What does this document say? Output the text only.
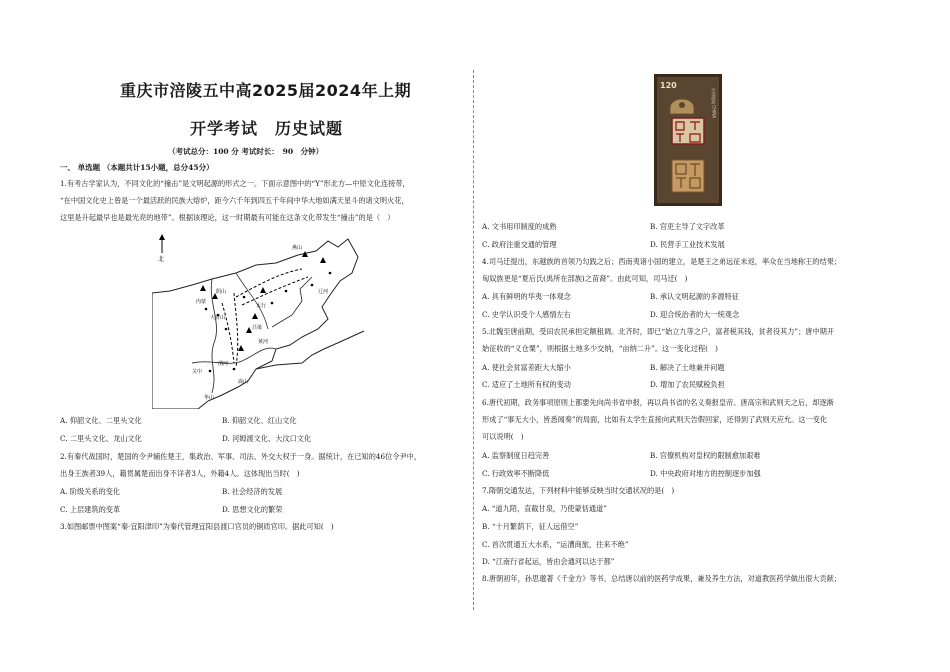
重庆市涪陵五中高2025届2024年上期
开学考试　历史试题
（考试总分：100 分 考试时长：　90　分钟）
一、 单选题 （本题共计15小题，总分45分）
1.有考古学家认为，不同文化的“撞击”是文明起源的形式之一。下面示意图中的“Y”形北方—中原文化连接带，
“在中国文化史上曾是一个最活跃的民族大熔炉，距今六千年到四五千年间中华大地如满天星斗的诸文明火花，
这里是升起最早也是最光亮的地带”。根据该理论，这一时期最有可能在这条文化带发生“撞击”的是（　）
北
燕山
内蒙
大青山
阴山
吕梁
黄河
关中
渭河
华山
太行
嵩山
辽河
A. 仰韶文化、二里头文化	B. 仰韶文化、红山文化
C. 二里头文化、龙山文化	D. 河姆渡文化、大汶口文化
2.有秦代战国时，楚国的令尹辅佐楚王，集政治、军事、司法、外交大权于一身。据统计，在已知的46位令尹中，
出身王族者39人，籍贯属楚而出身不详者3人，外籍4人。这体现出当时(　)
A. 阶级关系的变化	B. 社会经济的发展
C. 上层建筑的变革	D. 思想文化的繁荣
3.如图邮票中图案“秦·宜阳津印”为秦代管理宜阳县渡口官员的铜质官印。据此可知(　)
120
中国邮政 CHINA
A. 文书用印制度的成熟	B. 官吏主导了文字改革
C. 政府注重交通的管理	D. 民营手工业技术发展
4.司马迁提出，东越族的首领乃勾践之后；西南夷诸小国的建立，是楚王之弟远征未返，率众在当地称王的结果；
匈奴族更是“夏后氏(禹所在部族)之苗裔”。由此可知，司马迁(　)
A. 具有鲜明的华夷一体观念	B. 承认文明起源的多源特征
C. 史学认识受个人感情左右	D. 迎合统治者的大一统观念
5.北魏至唐前期，受田农民承担定额租调。北齐时，即已“始立九等之户，富者税其钱，贫者役其力”；唐中期开
始征收的“义仓粟”，则根据土地多少交纳，“亩纳二升”。这一变化过程(　)
A. 使社会贫富差距大大缩小	B. 解决了土地兼并问题
C. 适应了土地所有权的变动	D. 增加了农民赋税负担
6.唐代初期，政务事项原则上都要先向尚书省申报，再以尚书省的名义奏报皇帝。唐高宗和武则天之后，却逐渐
形成了“事无大小，皆悉闻奏”的局面，比如有太学生直接向武则天告假回家，还得到了武则天应允。这一变化
可以说明(　)
A. 监察制度日趋完善	B. 官僚机构对皇权的限制愈加艰难
C. 行政效率不断降低	D. 中央政府对地方的控制逐步加强
7.隋朝交通发达，下列材料中能够反映当时交通状况的是(　)
A. “道九陌，直截甘泉，乃使蒙恬通道”
B. “十月繁荫下，征人远借空”
C. 首次贯通五大水系，“运漕商旅，往来不绝”
D. “江南行省起运，皆由会通河以达于都”
8.唐朝初年，孙思邈著《千金方》等书，总结唐以前的医药学成果，兼及养生方法，对道教医药学做出很大贡献；
